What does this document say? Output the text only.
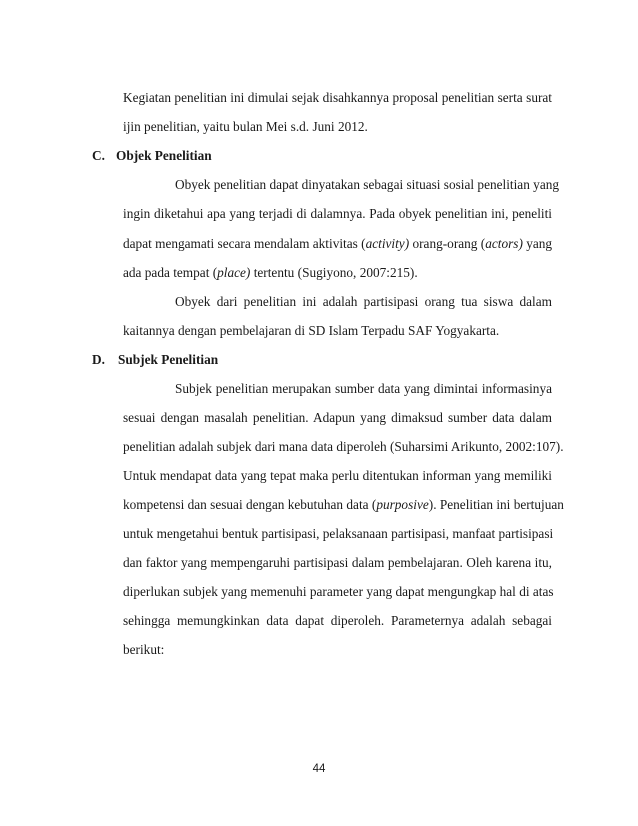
Kegiatan penelitian ini dimulai sejak disahkannya proposal penelitian serta surat
ijin penelitian, yaitu bulan Mei s.d. Juni 2012.
C. Objek Penelitian
Obyek penelitian dapat dinyatakan sebagai situasi sosial penelitian yang
ingin diketahui apa yang terjadi di dalamnya. Pada obyek penelitian ini, peneliti
dapat mengamati secara mendalam aktivitas (activity) orang-orang (actors) yang
ada pada tempat (place) tertentu (Sugiyono, 2007:215).
Obyek dari penelitian ini adalah partisipasi orang tua siswa dalam
kaitannya dengan pembelajaran di SD Islam Terpadu SAF Yogyakarta.
D. Subjek Penelitian
Subjek penelitian merupakan sumber data yang dimintai informasinya
sesuai dengan masalah penelitian. Adapun yang dimaksud sumber data dalam
penelitian adalah subjek dari mana data diperoleh (Suharsimi Arikunto, 2002:107).
Untuk mendapat data yang tepat maka perlu ditentukan informan yang memiliki
kompetensi dan sesuai dengan kebutuhan data (purposive). Penelitian ini bertujuan
untuk mengetahui bentuk partisipasi, pelaksanaan partisipasi, manfaat partisipasi
dan faktor yang mempengaruhi partisipasi dalam pembelajaran. Oleh karena itu,
diperlukan subjek yang memenuhi parameter yang dapat mengungkap hal di atas
sehingga memungkinkan data dapat diperoleh. Parameternya adalah sebagai
berikut:
44
